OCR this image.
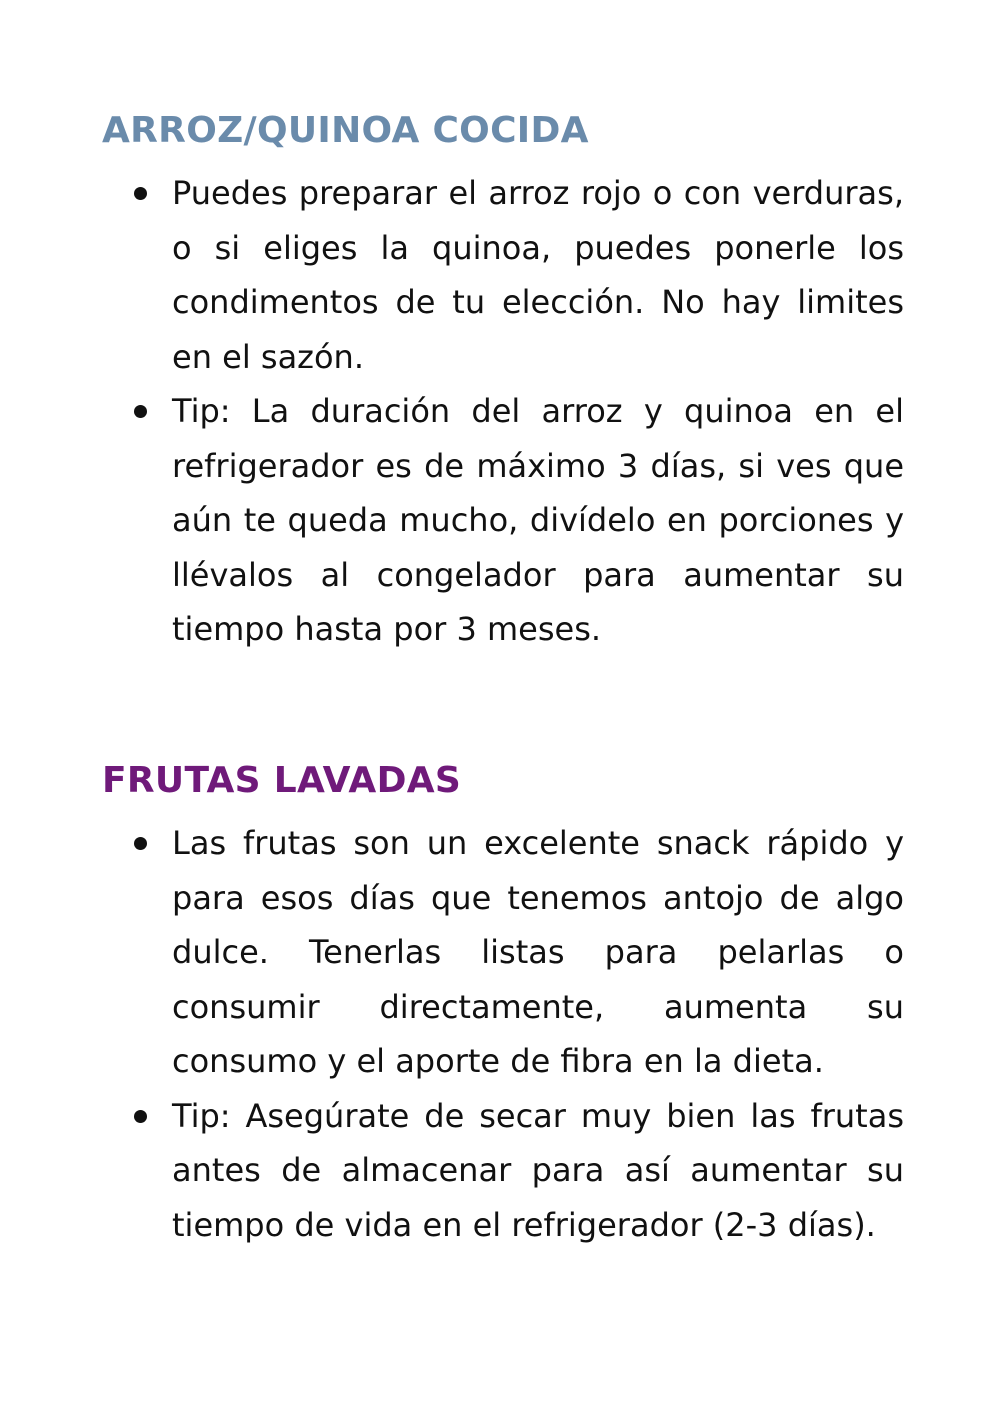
ARROZ/QUINOA COCIDA
Puedes preparar el arroz rojo o con verduras, o si eliges la quinoa, puedes ponerle los condimentos de tu elección. No hay limites en el sazón.
Tip: La duración del arroz y quinoa en el refrigerador es de máximo 3 días, si ves que aún te queda mucho, divídelo en porciones y llévalos al congelador para aumentar su tiempo hasta por 3 meses.
FRUTAS LAVADAS
Las frutas son un excelente snack rápido y para esos días que tenemos antojo de algo dulce. Tenerlas listas para pelarlas o consumir directamente, aumenta su consumo y el aporte de fibra en la dieta.
Tip: Asegúrate de secar muy bien las frutas antes de almacenar para así aumentar su tiempo de vida en el refrigerador (2-3 días).
